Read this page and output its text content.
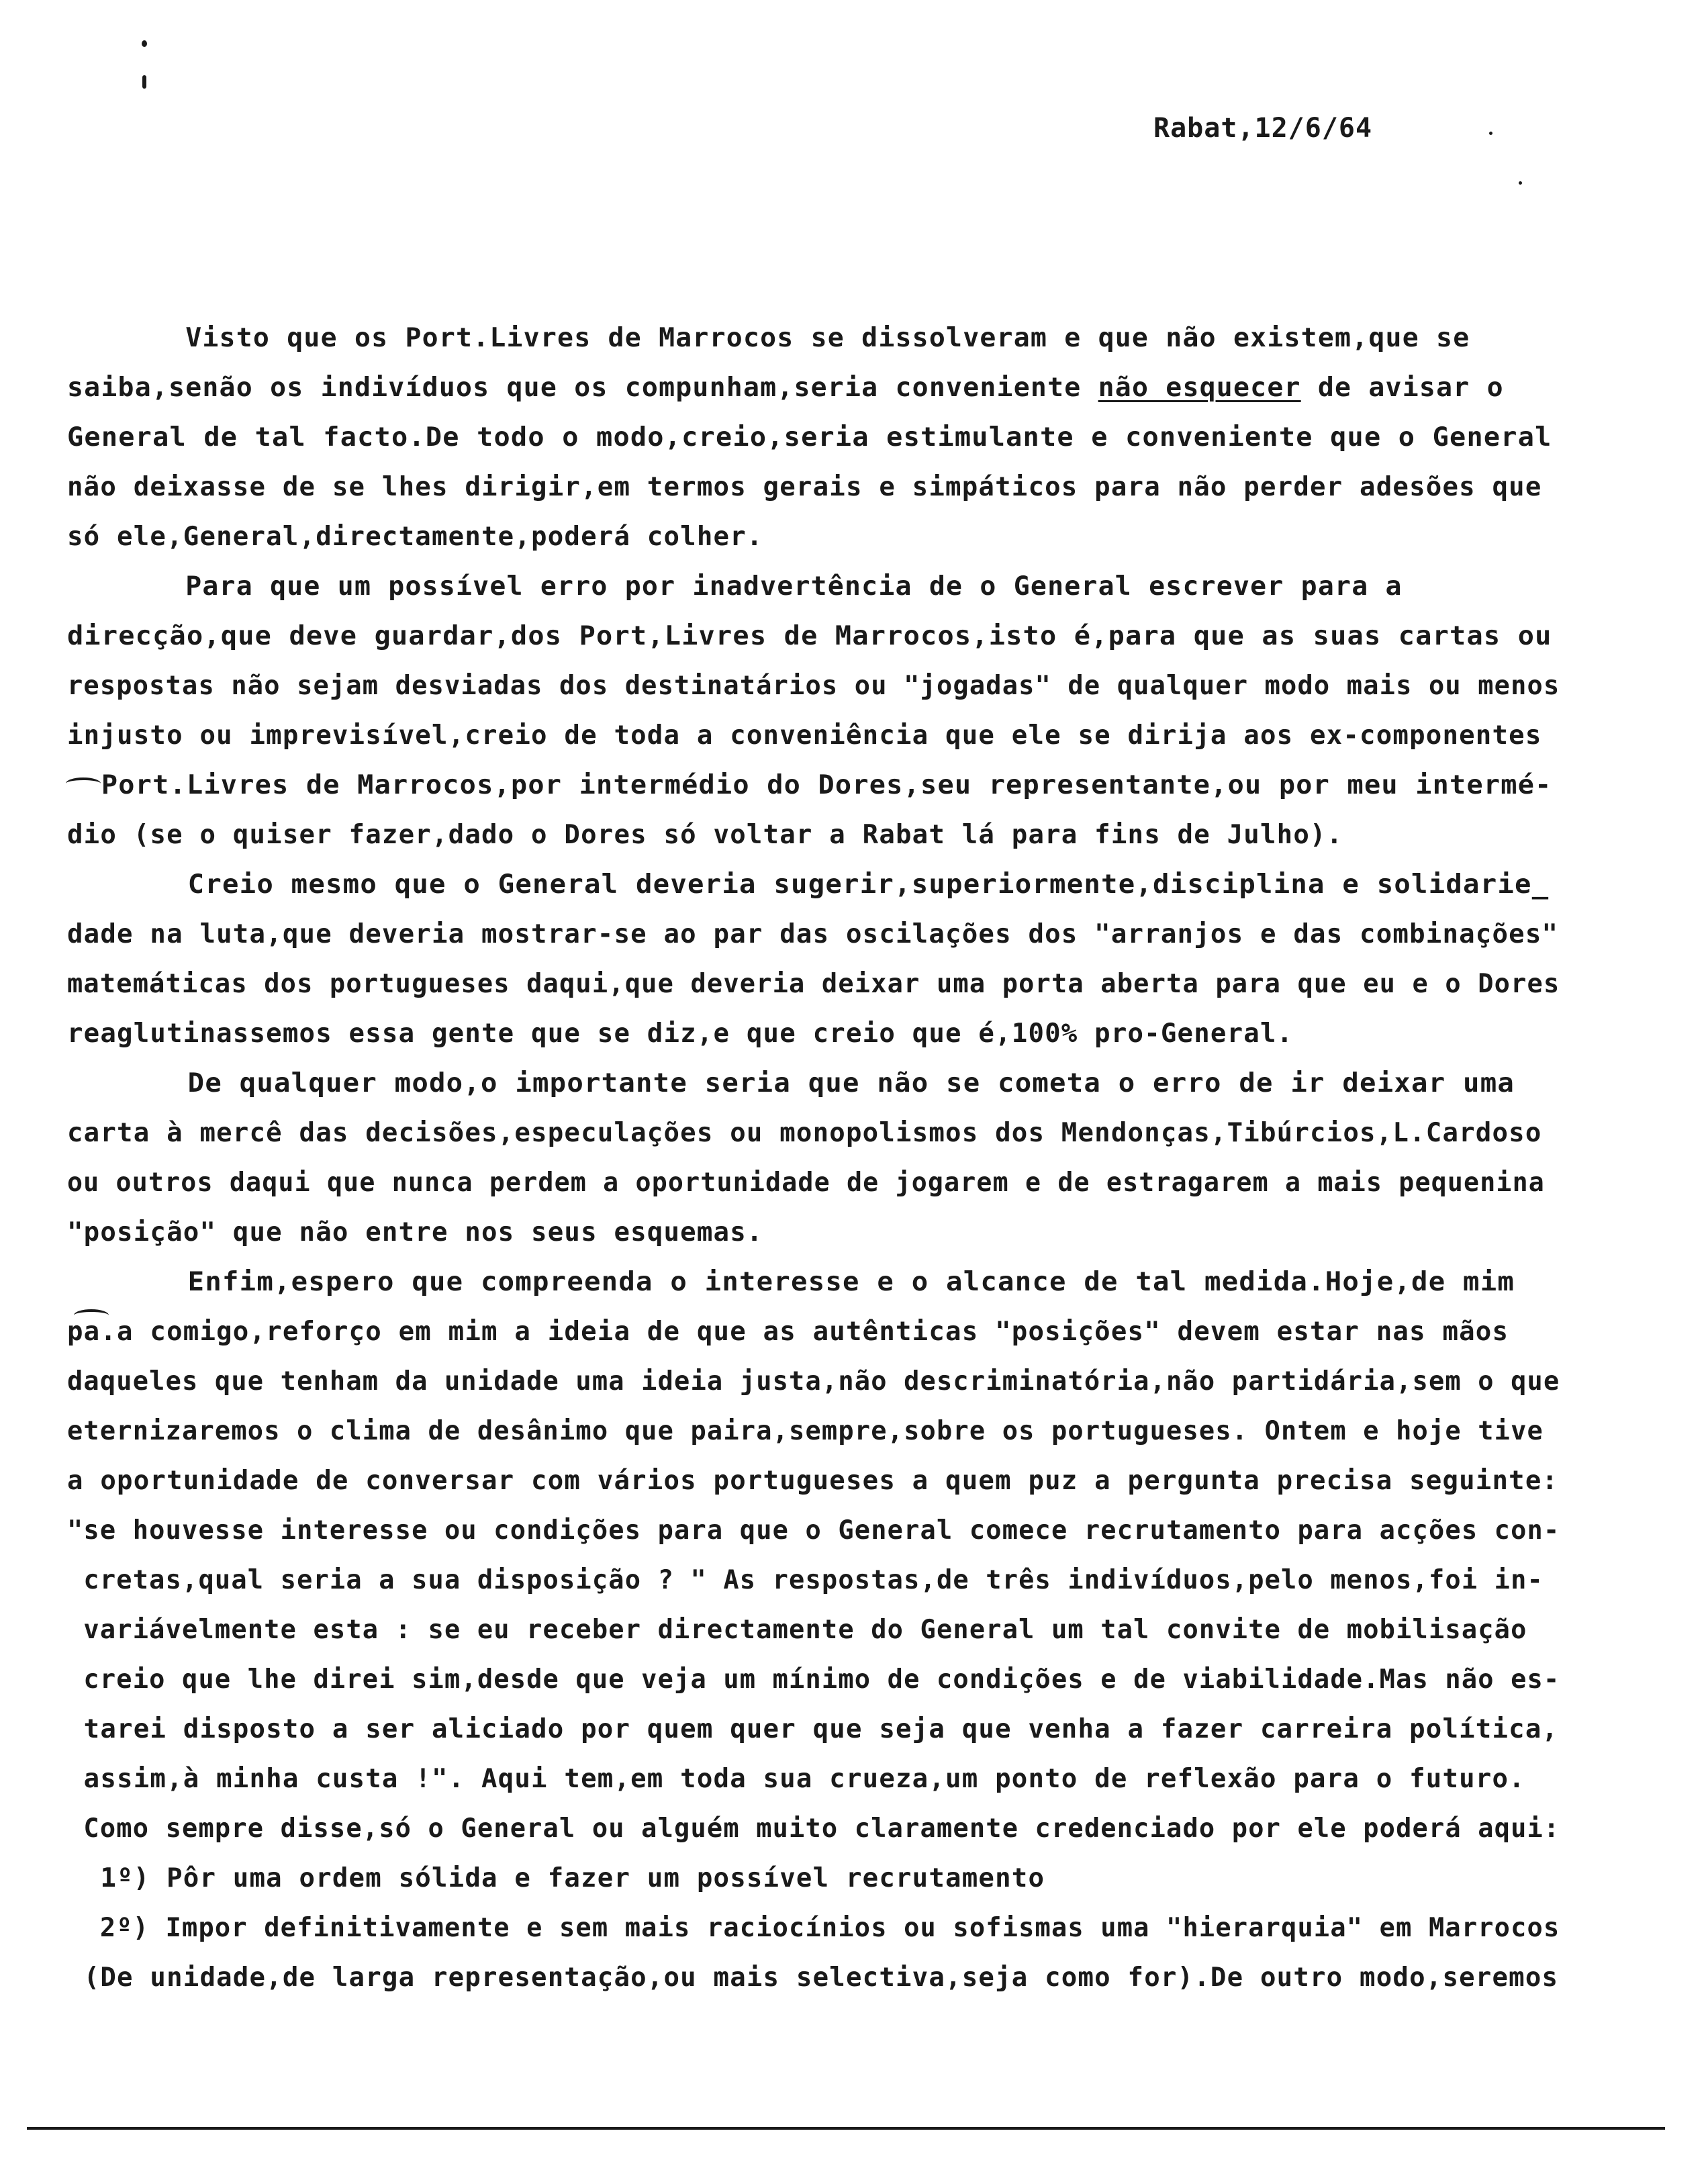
Rabat,12/6/64
Visto que os Port.Livres de Marrocos se dissolveram e que não existem,que se
saiba,senão os indivíduos que os compunham,seria conveniente não esquecer de avisar o
General de tal facto.De todo o modo,creio,seria estimulante e conveniente que o General
não deixasse de se lhes dirigir,em termos gerais e simpáticos para não perder adesões que
só ele,General,directamente,poderá colher.
Para que um possível erro por inadvertência de o General escrever para a
direcção,que deve guardar,dos Port,Livres de Marrocos,isto é,para que as suas cartas ou
respostas não sejam desviadas dos destinatários ou "jogadas" de qualquer modo mais ou menos
injusto ou imprevisível,creio de toda a conveniência que ele se dirija aos ex-componentes
Port.Livres de Marrocos,por intermédio do Dores,seu representante,ou por meu intermé-
dio (se o quiser fazer,dado o Dores só voltar a Rabat lá para fins de Julho).
Creio mesmo que o General deveria sugerir,superiormente,disciplina e solidarie_
dade na luta,que deveria mostrar-se ao par das oscilações dos "arranjos e das combinações"
matemáticas dos portugueses daqui,que deveria deixar uma porta aberta para que eu e o Dores
reaglutinassemos essa gente que se diz,e que creio que é,100% pro-General.
De qualquer modo,o importante seria que não se cometa o erro de ir deixar uma
carta à mercê das decisões,especulações ou monopolismos dos Mendonças,Tibúrcios,L.Cardoso
ou outros daqui que nunca perdem a oportunidade de jogarem e de estragarem a mais pequenina
"posição" que não entre nos seus esquemas.
Enfim,espero que compreenda o interesse e o alcance de tal medida.Hoje,de mim
pa.a comigo,reforço em mim a ideia de que as autênticas "posições" devem estar nas mãos
daqueles que tenham da unidade uma ideia justa,não descriminatória,não partidária,sem o que
eternizaremos o clima de desânimo que paira,sempre,sobre os portugueses. Ontem e hoje tive
a oportunidade de conversar com vários portugueses a quem puz a pergunta precisa seguinte:
"se houvesse interesse ou condições para que o General comece recrutamento para acções con-
cretas,qual seria a sua disposição ? " As respostas,de três indivíduos,pelo menos,foi in-
variávelmente esta : se eu receber directamente do General um tal convite de mobilisação
creio que lhe direi sim,desde que veja um mínimo de condições e de viabilidade.Mas não es-
tarei disposto a ser aliciado por quem quer que seja que venha a fazer carreira política,
assim,à minha custa !". Aqui tem,em toda sua crueza,um ponto de reflexão para o futuro.
Como sempre disse,só o General ou alguém muito claramente credenciado por ele poderá aqui:
1º) Pôr uma ordem sólida e fazer um possível recrutamento
2º) Impor definitivamente e sem mais raciocínios ou sofismas uma "hierarquia" em Marrocos
(De unidade,de larga representação,ou mais selectiva,seja como for).De outro modo,seremos
